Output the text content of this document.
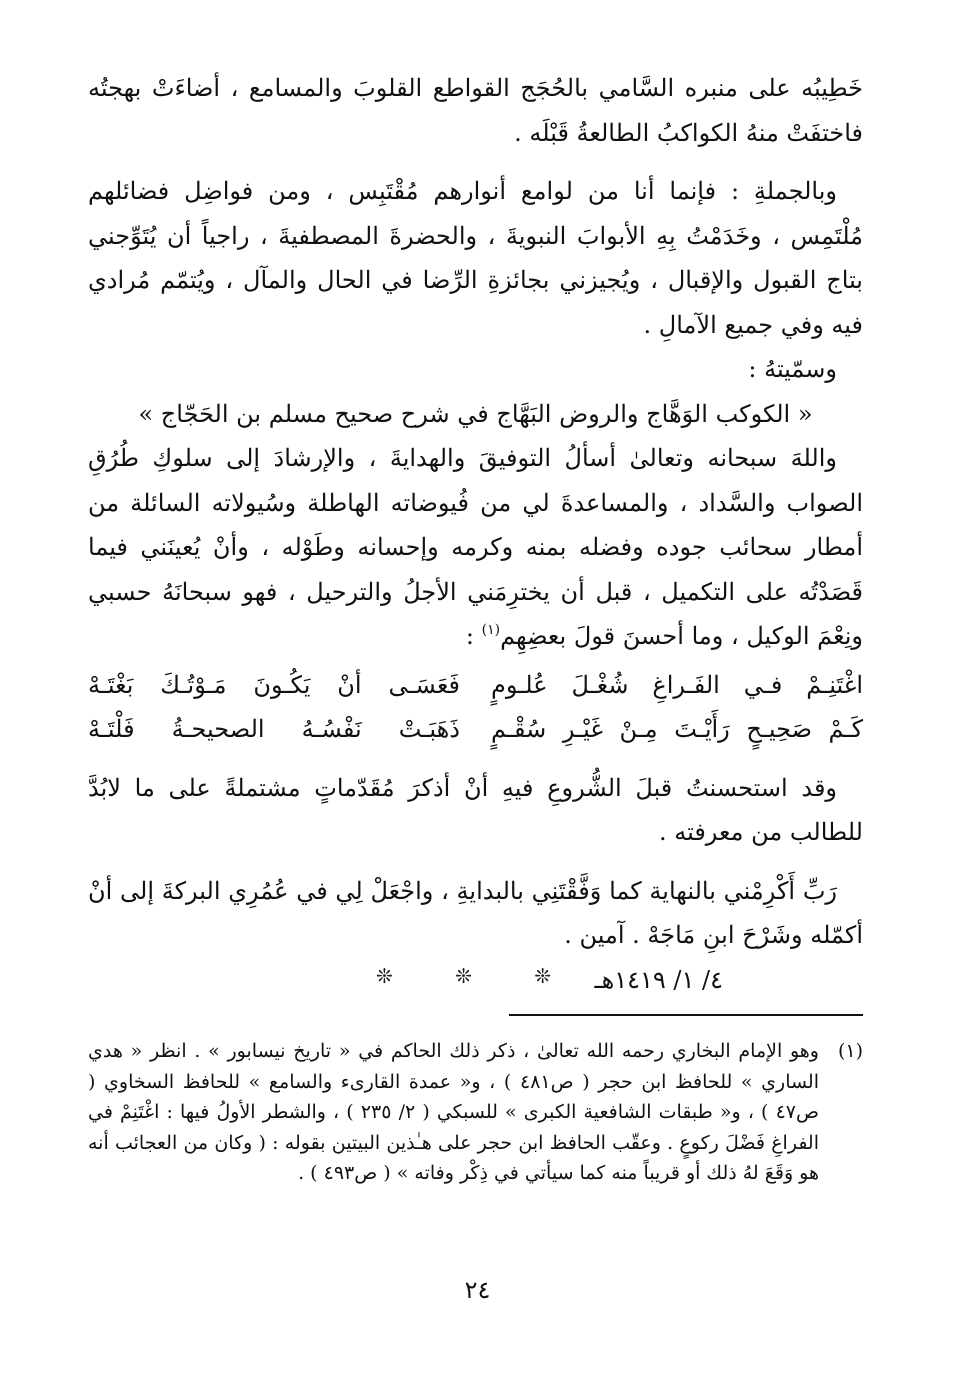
خَطِيبُه على منبره السَّامي بالحُجَج القواطع القلوبَ والمسامع ، أضاءَتْ بهجتُه فاختفَتْ منهُ الكواكبُ الطالعةُ قَبْلَه .

وبالجملةِ : فإنما أنا من لوامع أنوارهم مُقْتَبِس ، ومن فواضِل فضائلهم مُلْتَمِس ، وخَدَمْتُ بِهِ الأبوابَ النبويةَ ، والحضرةَ المصطفيةَ ، راجياً أن يُتَوِّجني بتاج القبول والإقبال ، ويُجيزني بجائزةِ الرِّضا في الحال والمآل ، ويُتمّم مُرادي فيه وفي جميع الآمالِ .

وسمّيتهُ :

« الكوكب الوَهَّاج والروض البَهَّاج في شرح صحيح مسلم بن الحَجّاج »

واللهَ سبحانه وتعالىٰ أسألُ التوفيقَ والهدايةَ ، والإرشادَ إلى سلوكِ طُرُقِ الصواب والسَّداد ، والمساعدةَ لي من فُيوضاته الهاطلة وسُيولاته السائلة من أمطار سحائب جوده وفضله بمنه وكرمه وإحسانه وطَوْله ، وأنْ يُعينَني فيما قَصَدْتُه على التكميل ، قبل أن يخترِمَني الأجلُ والترحيل ، فهو سبحانَهُ حسبي ونِعْمَ الوكيل ، وما أحسنَ قولَ بعضِهِم$^{(١)}$ :

اغْتَنِـمْ فـي الفَـراغِ شُغْـلَ عُلـومٍ
فَعَسَـى أنْ يَكُـونَ مَـوْتُـكَ بَغْتَـهْ
كَـمْ صَحِيـحٍ رَأَيْـتَ مِـنْ غَيْـرِ سُقْـمٍ
ذَهَبَـتْ نَفْسُـهُ الصحيحـةُ فَلْتَـهْ

وقد استحسنتُ قبلَ الشُّروعِ فيهِ أنْ أذكرَ مُقَدّماتٍ مشتملةً على ما لابُدَّ للطالب من معرفته .

رَبِّ أَكْرِمْني بالنهاية كما وَفَّقْتَنِي بالبدايةِ ، واجْعَلْ لِي في عُمُرِي البركةَ إلى أنْ أكمّله وشَرْحَ ابنِ مَاجَهْ . آمين .

٤/ ١/ ١٤١٩هـ

❊ ❊ ❊
(١)
وهو الإمام البخاري رحمه الله تعالىٰ ، ذكر ذلك الحاكم في « تاريخ نيسابور » . انظر « هدي الساري » للحافظ ابن حجر ( ص٤٨١ ) ، و« عمدة القارىء والسامع » للحافظ السخاوي ( ص٤٧ ) ، و« طبقات الشافعية الكبرى » للسبكي ( ٢/ ٢٣٥ ) ، والشطر الأولُ فيها : اغْتَنِمْ في الفراغِ فَضْلَ ركوعٍ . وعقّب الحافظ ابن حجر على هـٰذين البيتين بقوله : ( وكان من العجائب أنه هو وَقَعَ لهُ ذلك أو قريباً منه كما سيأتي في ذِكْر وفاته » ( ص٤٩٣ ) .
٢٤
